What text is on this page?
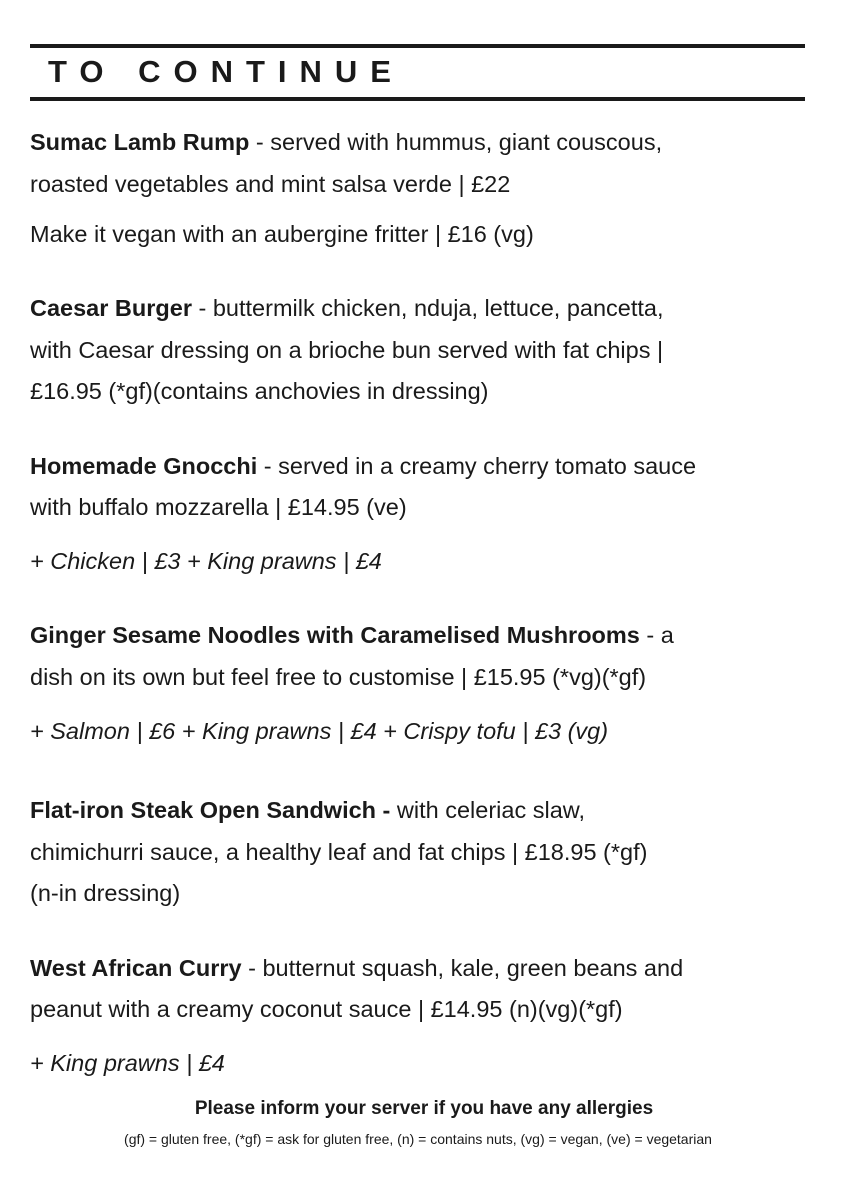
TO CONTINUE

Sumac Lamb Rump - served with hummus, giant couscous,

roasted vegetables and mint salsa verde | £22

Make it vegan with an aubergine fritter | £16 (vg)

Caesar Burger - buttermilk chicken, nduja, lettuce, pancetta,

with Caesar dressing on a brioche bun served with fat chips |

£16.95 (*gf)(contains anchovies in dressing)

Homemade Gnocchi - served in a creamy cherry tomato sauce

with buffalo mozzarella | £14.95 (ve)

+ Chicken | £3 + King prawns | £4

Ginger Sesame Noodles with Caramelised Mushrooms - a

dish on its own but feel free to customise | £15.95 (*vg)(*gf)

+ Salmon | £6 + King prawns | £4 + Crispy tofu | £3 (vg)

Flat-iron Steak Open Sandwich - with celeriac slaw,

chimichurri sauce, a healthy leaf and fat chips | £18.95 (*gf)

(n-in dressing)

West African Curry - butternut squash, kale, green beans and

peanut with a creamy coconut sauce | £14.95 (n)(vg)(*gf)

+ King prawns | £4

Please inform your server if you have any allergies
(gf) = gluten free, (*gf) = ask for gluten free, (n) = contains nuts, (vg) = vegan, (ve) = vegetarian
